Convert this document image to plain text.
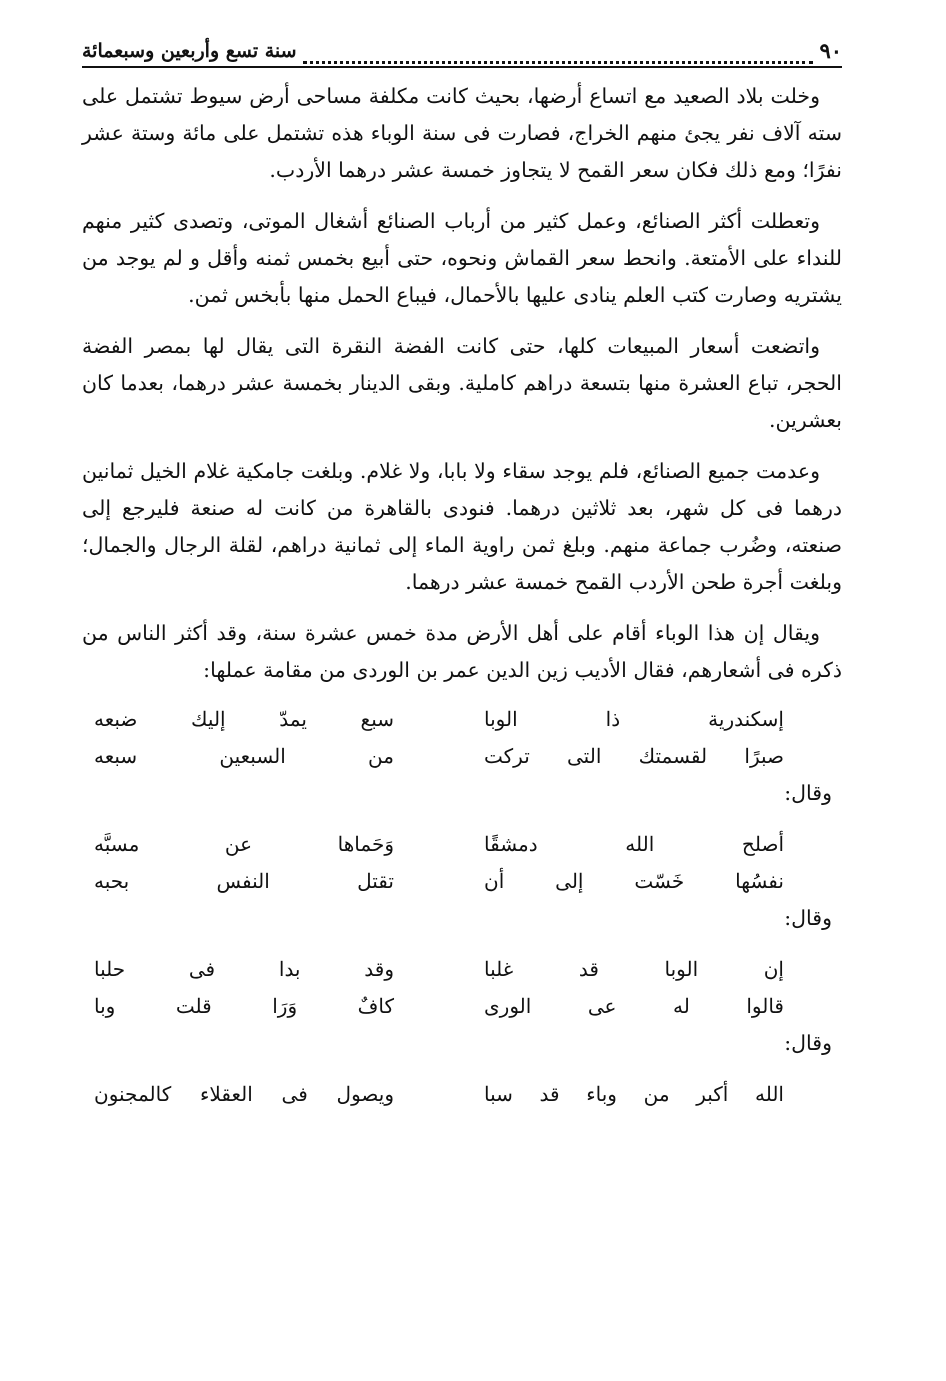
٩٠
سنة تسع وأربعين وسبعمائة

وخلت بلاد الصعيد مع اتساع أرضها، بحيث كانت مكلفة مساحى أرض سيوط تشتمل على سته آلاف نفر يجئ منهم الخراج، فصارت فى سنة الوباء هذه تشتمل على مائة وستة عشر نفرًا؛ ومع ذلك فكان سعر القمح لا يتجاوز خمسة عشر درهما الأردب.

وتعطلت أكثر الصنائع، وعمل كثير من أرباب الصنائع أشغال الموتى، وتصدى كثير منهم للنداء على الأمتعة. وانحط سعر القماش ونحوه، حتى أبيع بخمس ثمنه وأقل و لم يوجد من يشتريه وصارت كتب العلم ينادى عليها بالأحمال، فيباع الحمل منها بأبخس ثمن.

واتضعت أسعار المبيعات كلها، حتى كانت الفضة النقرة التى يقال لها بمصر الفضة الحجر، تباع العشرة منها بتسعة دراهم كاملية. وبقى الدينار بخمسة عشر درهما، بعدما كان بعشرين.

وعدمت جميع الصنائع، فلم يوجد سقاء ولا بابا، ولا غلام. وبلغت جامكية غلام الخيل ثمانين درهما فى كل شهر، بعد ثلاثين درهما. فنودى بالقاهرة من كانت له صنعة فليرجع إلى صنعته، وضُرب جماعة منهم. وبلغ ثمن راوية الماء إلى ثمانية دراهم، لقلة الرجال والجمال؛ وبلغت أجرة طحن الأردب القمح خمسة عشر درهما.

ويقال إن هذا الوباء أقام على أهل الأرض مدة خمس عشرة سنة، وقد أكثر الناس من ذكره فى أشعارهم، فقال الأديب زين الدين عمر بن الوردى من مقامة عملها:

إسكندرية ذا الوبا
سبع يمدّ إليك ضبعه
صبرًا لقسمتك التى تركت
من السبعين سبعه

وقال:

أصلح الله دمشقًا
وَحَماها عن مسبَّه
نفسُها خَسّت إلى أن
تقتل النفس بحبه

وقال:

إن الوبا قد غلبا
وقد بدا فى حلبا
قالوا له عى الورى
كافٌ وَرَا قلت وبا

وقال:

الله أكبر من وباء قد سبا
ويصول فى العقلاء كالمجنون
